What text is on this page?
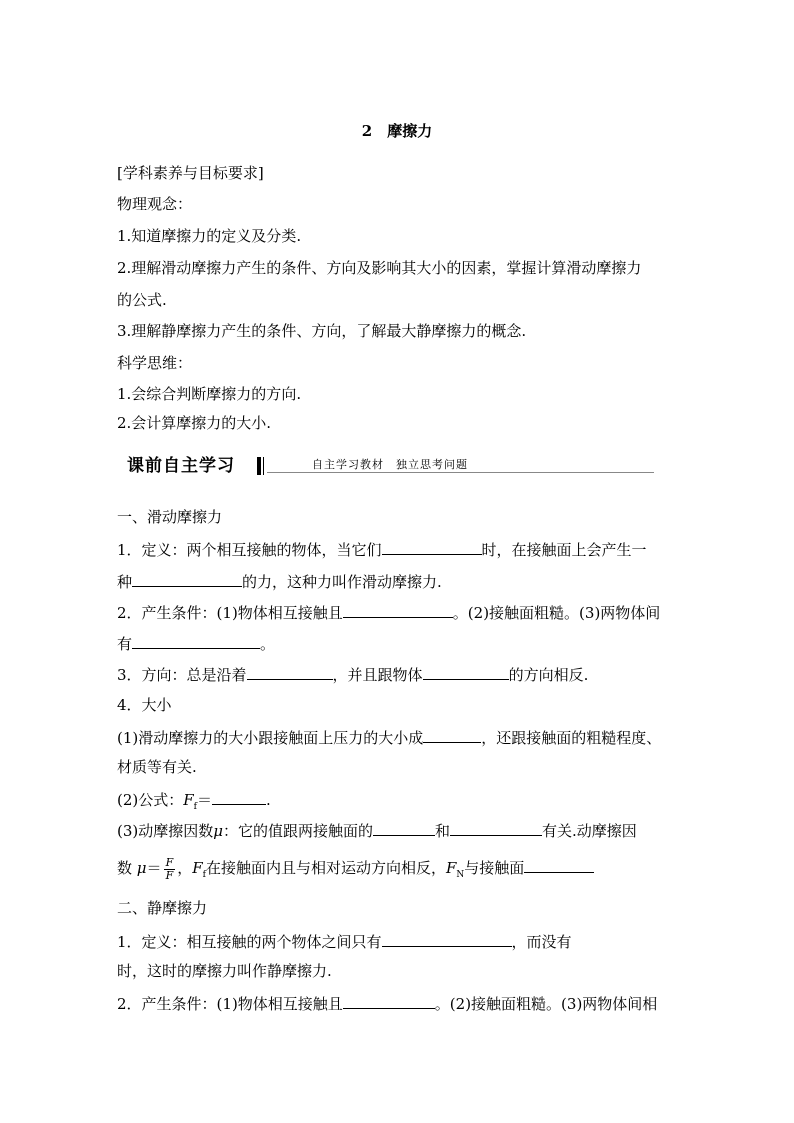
2　摩擦力
[学科素养与目标要求]
物理观念：
1.知道摩擦力的定义及分类.
2.理解滑动摩擦力产生的条件、方向及影响其大小的因素，掌握计算滑动摩擦力
的公式.
3.理解静摩擦力产生的条件、方向，了解最大静摩擦力的概念.
科学思维：
1.会综合判断摩擦力的方向.
2.会计算摩擦力的大小.
课前自主学习	自主学习教材　独立思考问题
一、滑动摩擦力
1．定义：两个相互接触的物体，当它们	时，在接触面上会产生一
种	的力，这种力叫作滑动摩擦力.
2．产生条件：(1)物体相互接触且	。(2)接触面粗糙。(3)两物体间
有	。
3．方向：总是沿着	，并且跟物体	的方向相反.
4．大小
(1)滑动摩擦力的大小跟接触面上压力的大小成	，还跟接触面的粗糙程度、
材质等有关.
(2)公式：$F_f=$	.
(3)动摩擦因数μ：它的值跟两接触面的	和	有关.动摩擦因
数 $\mu= \frac{F}{F}$ ，$F_f$在接触面内且与相对运动方向相反，$F_N$与接触面
二、静摩擦力
1．定义：相互接触的两个物体之间只有	，而没有
时，这时的摩擦力叫作静摩擦力.
2．产生条件：(1)物体相互接触且	。(2)接触面粗糙。(3)两物体间相
